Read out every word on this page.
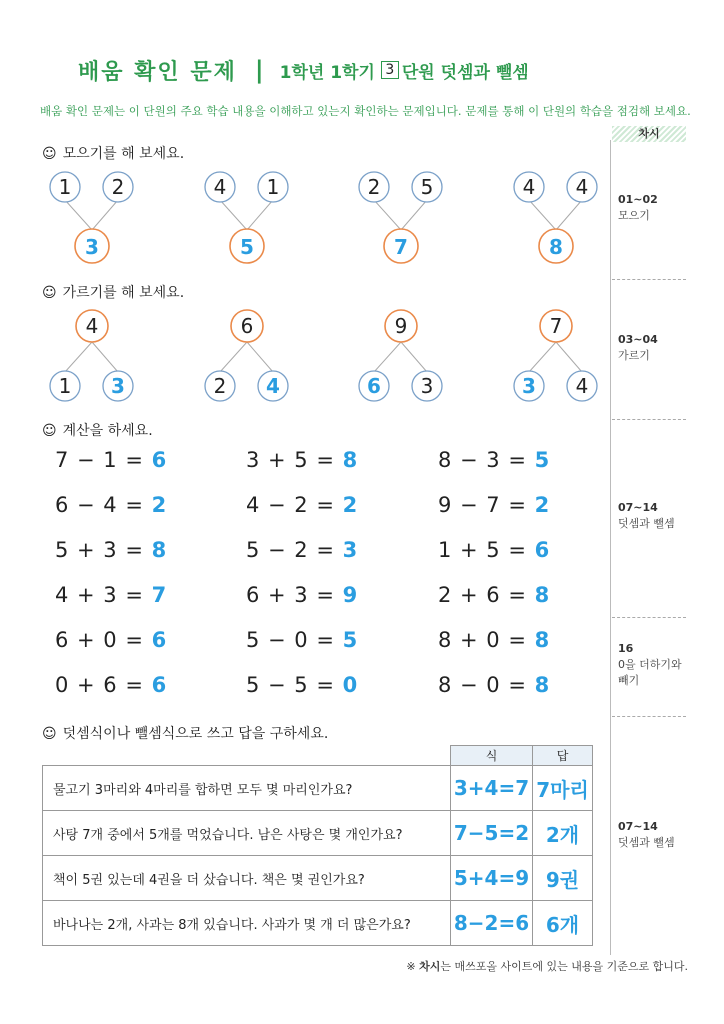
배움 확인 문제 | 1학년 1학기 3 단원 덧셈과 뺄셈
배움 확인 문제는 이 단원의 주요 학습 내용을 이해하고 있는지 확인하는 문제입니다. 문제를 통해 이 단원의 학습을 점검해 보세요.
차시
01~02
모으기
03~04
가르기
07~14
덧셈과 뺄셈
16
0을 더하기와
빼기
07~14
덧셈과 뺄셈
☺ 모으기를 해 보세요.
1 2
3
4 1
5
2 5
7
4 4
8
☺ 가르기를 해 보세요.
4
1 3
6
2 4
9
6 3
7
3 4
☺ 계산을 하세요.
7 − 1 = 6	3 + 5 = 8	8 − 3 = 5
6 − 4 = 2	4 − 2 = 2	9 − 7 = 2
5 + 3 = 8	5 − 2 = 3	1 + 5 = 6
4 + 3 = 7	6 + 3 = 9	2 + 6 = 8
6 + 0 = 6	5 − 0 = 5	8 + 0 = 8
0 + 6 = 6	5 − 5 = 0	8 − 0 = 8
☺ 덧셈식이나 뺄셈식으로 쓰고 답을 구하세요.
	식	답
물고기 3마리와 4마리를 합하면 모두 몇 마리인가요?	3+4=7	7마리
사탕 7개 중에서 5개를 먹었습니다. 남은 사탕은 몇 개인가요?	7−5=2	2개
책이 5권 있는데 4권을 더 샀습니다. 책은 몇 권인가요?	5+4=9	9권
바나나는 2개, 사과는 8개 있습니다. 사과가 몇 개 더 많은가요?	8−2=6	6개
※ 차시는 매쓰포올 사이트에 있는 내용을 기준으로 합니다.
